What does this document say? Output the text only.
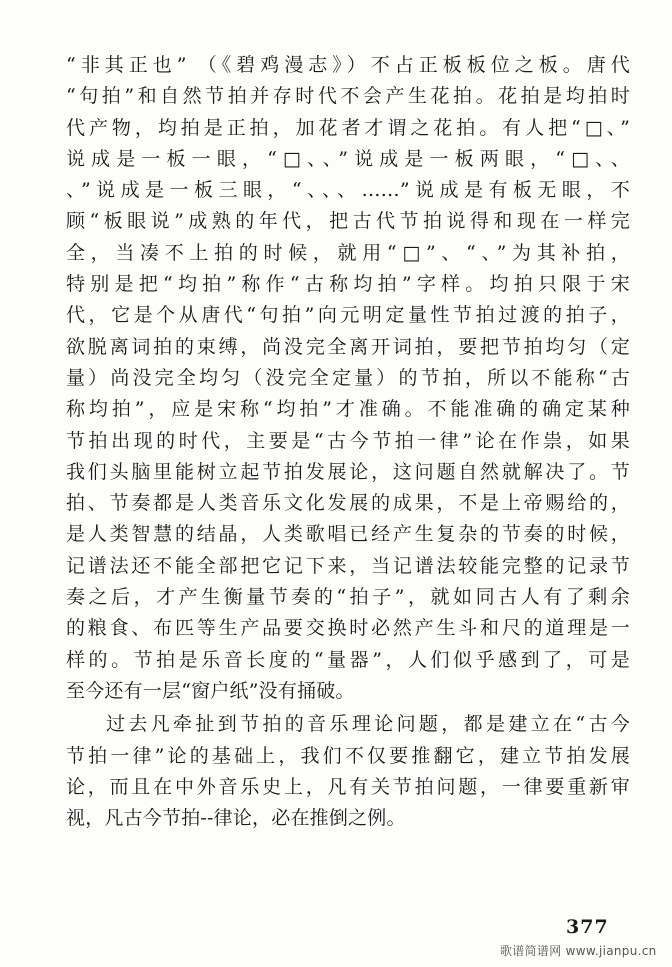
“非其正也” （《碧鸡漫志》）不占正板板位之板。唐代
“句拍”和自然节拍并存时代不会产生花拍。花拍是均拍时
代产物，均拍是正拍，加花者才谓之花拍。有人把“□、”
说成是一板一眼，“□、、”说成是一板两眼，“□、、
、”说成是一板三眼，“、、、……”说成是有板无眼，不
顾“板眼说”成熟的年代，把古代节拍说得和现在一样完
全，当凑不上拍的时候，就用“□”、“、”为其补拍，
特别是把“均拍”称作“古称均拍”字样。均拍只限于宋
代，它是个从唐代“句拍”向元明定量性节拍过渡的拍子，
欲脱离词拍的束缚，尚没完全离开词拍，要把节拍均匀（定
量）尚没完全均匀（没完全定量）的节拍，所以不能称“古
称均拍”，应是宋称“均拍”才准确。不能准确的确定某种
节拍出现的时代，主要是“古今节拍一律”论在作祟，如果
我们头脑里能树立起节拍发展论，这问题自然就解决了。节
拍、节奏都是人类音乐文化发展的成果，不是上帝赐给的，
是人类智慧的结晶，人类歌唱已经产生复杂的节奏的时候，
记谱法还不能全部把它记下来，当记谱法较能完整的记录节
奏之后，才产生衡量节奏的“拍子”，就如同古人有了剩余
的粮食、布匹等生产品要交换时必然产生斗和尺的道理是一
样的。节拍是乐音长度的“量器”，人们似乎感到了，可是
至今还有一层“窗户纸”没有捅破。
过去凡牵扯到节拍的音乐理论问题，都是建立在“古今
节拍一律”论的基础上，我们不仅要推翻它，建立节拍发展
论，而且在中外音乐史上，凡有关节拍问题，一律要重新审
视，凡古今节拍--律论，必在推倒之例。
377
歌谱简谱网 www.jianpu.cn
